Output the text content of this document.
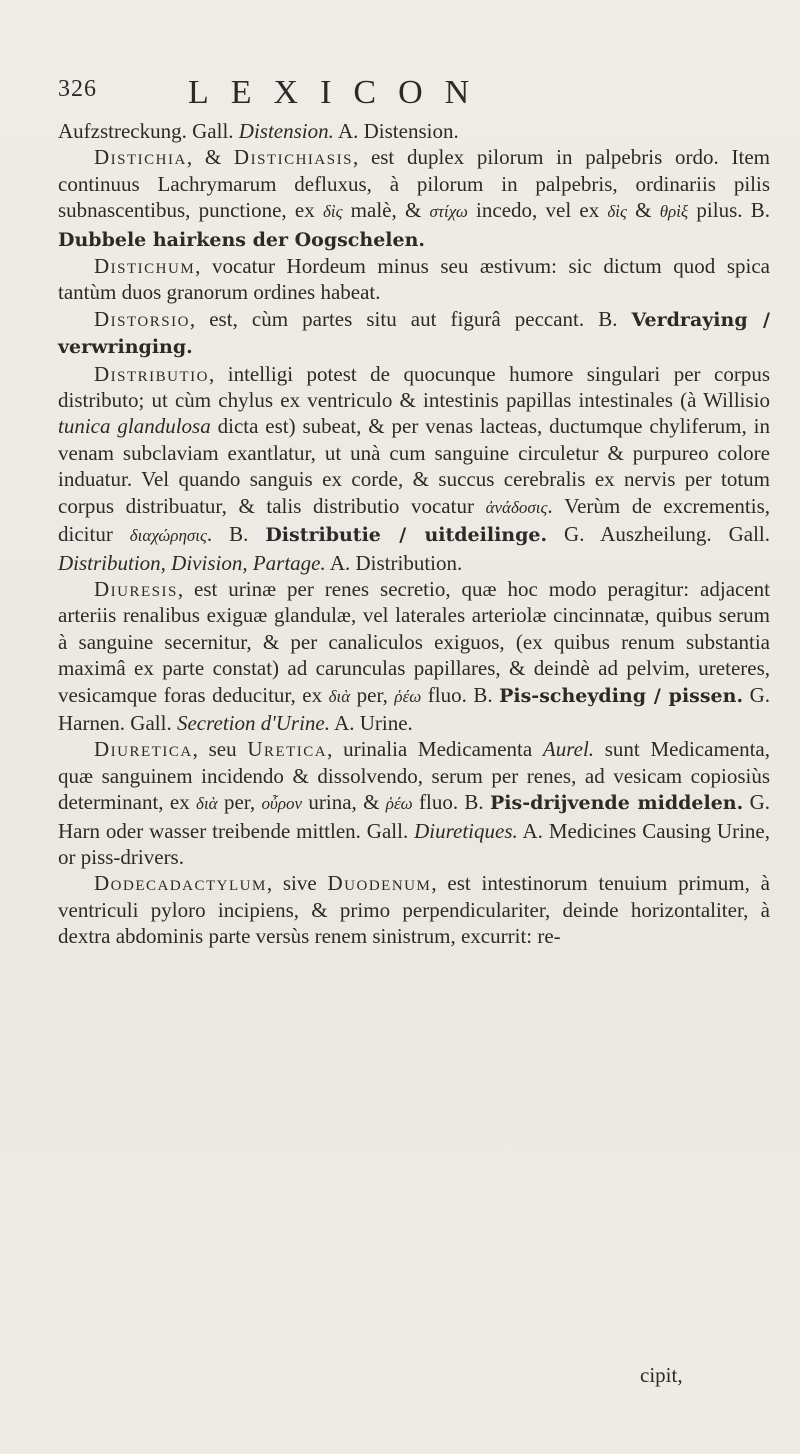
326	LEXICON

Aufzstreckung. Gall. Distension. A. Distension.

Distichia, & Distichiasis, est duplex pilorum in palpebris ordo. Item continuus Lachrymarum defluxus, à pilorum in palpebris, ordinariis pilis subnascentibus, punctione, ex δὶς malè, & στίχω incedo, vel ex δὶς & θρὶξ pilus. B. Dubbele hairkens der Oogschelen.

Distichum, vocatur Hordeum minus seu æstivum: sic dictum quod spica tantùm duos granorum ordines habeat.

Distorsio, est, cùm partes situ aut figurâ peccant. B. Verdraying / verwringing.

Distributio, intelligi potest de quocunque humore singulari per corpus distributo; ut cùm chylus ex ventriculo & intestinis papillas intestinales (à Willisio tunica glandulosa dicta est) subeat, & per venas lacteas, ductumque chyliferum, in venam subclaviam exantlatur, ut unà cum sanguine circuletur & purpureo colore induatur. Vel quando sanguis ex corde, & succus cerebralis ex nervis per totum corpus distribuatur, & talis distributio vocatur ἀνάδοσις. Verùm de excrementis, dicitur διαχώρησις. B. Distributie / uitdeilinge. G. Auszheilung. Gall. Distribution, Division, Partage. A. Distribution.

Diuresis, est urinæ per renes secretio, quæ hoc modo peragitur: adjacent arteriis renalibus exiguæ glandulæ, vel laterales arteriolæ cincinnatæ, quibus serum à sanguine secernitur, & per canaliculos exiguos, (ex quibus renum substantia maximâ ex parte constat) ad carunculas papillares, & deindè ad pelvim, ureteres, vesicamque foras deducitur, ex διὰ per, ῥέω fluo. B. Pis-scheyding / pissen. G. Harnen. Gall. Secretion d'Urine. A. Urine.

Diuretica, seu Uretica, urinalia Medicamenta Aurel. sunt Medicamenta, quæ sanguinem incidendo & dissolvendo, serum per renes, ad vesicam copiosiùs determinant, ex διὰ per, οὖρον urina, & ῥέω fluo. B. Pis-drijvende middelen. G. Harn oder wasser treibende mittlen. Gall. Diuretiques. A. Medicines Causing Urine, or piss-drivers.

Dodecadactylum, sive Duodenum, est intestinorum tenuium primum, à ventriculi pyloro incipiens, & primo perpendiculariter, deinde horizontaliter, à dextra abdominis parte versùs renem sinistrum, excurrit: re-

cipit,
